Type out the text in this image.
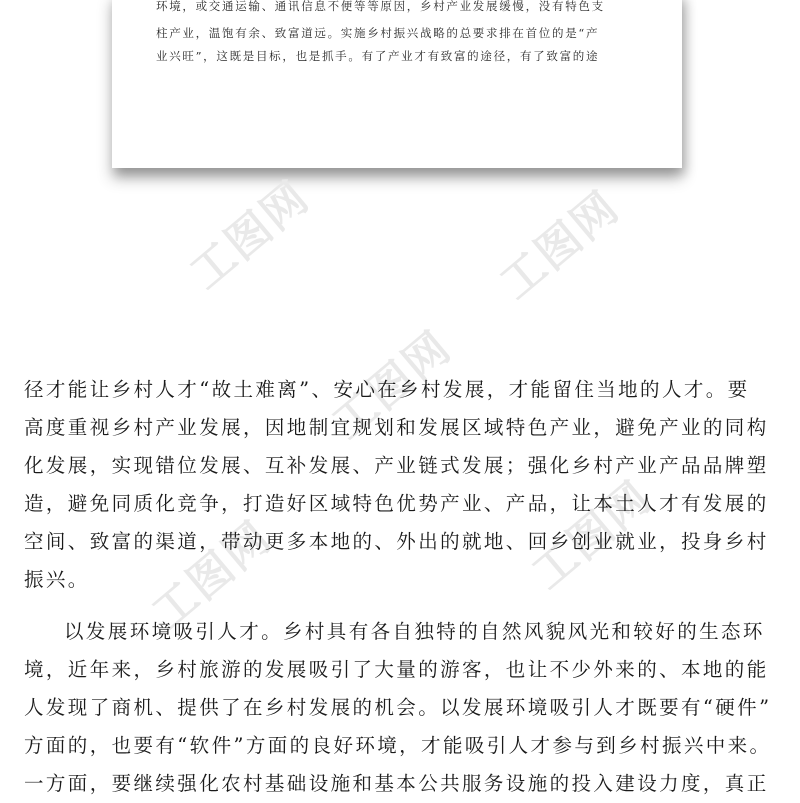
环境，或交通运输、通讯信息不便等等原因，乡村产业发展缓慢，没有特色支
柱产业，温饱有余、致富道远。实施乡村振兴战略的总要求排在首位的是“产
业兴旺”，这既是目标，也是抓手。有了产业才有致富的途径，有了致富的途
工图网	工图网
工图网
工图网	工图网
径才能让乡村人才“故土难离”、安心在乡村发展，才能留住当地的人才。要
高度重视乡村产业发展，因地制宜规划和发展区域特色产业，避免产业的同构
化发展，实现错位发展、互补发展、产业链式发展；强化乡村产业产品品牌塑
造，避免同质化竞争，打造好区域特色优势产业、产品，让本土人才有发展的
空间、致富的渠道，带动更多本地的、外出的就地、回乡创业就业，投身乡村
振兴。
以发展环境吸引人才。乡村具有各自独特的自然风貌风光和较好的生态环
境，近年来，乡村旅游的发展吸引了大量的游客，也让不少外来的、本地的能
人发现了商机、提供了在乡村发展的机会。以发展环境吸引人才既要有“硬件”
方面的，也要有“软件”方面的良好环境，才能吸引人才参与到乡村振兴中来。
一方面，要继续强化农村基础设施和基本公共服务设施的投入建设力度，真正
